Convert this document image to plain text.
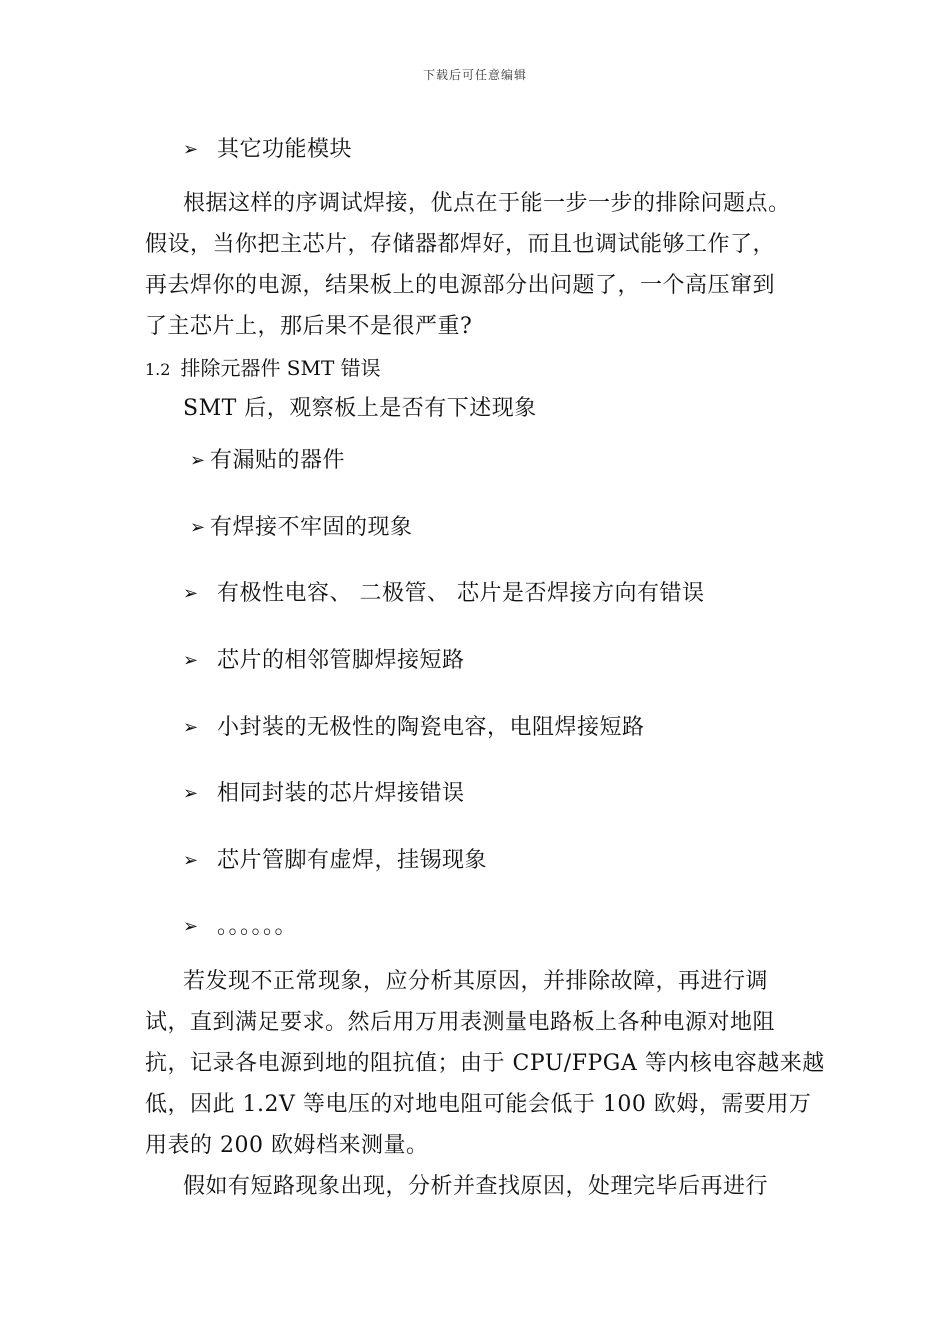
下载后可任意编辑
➢ 其它功能模块
根据这样的序调试焊接，优点在于能一步一步的排除问题点。
假设，当你把主芯片，存储器都焊好，而且也调试能够工作了，
再去焊你的电源，结果板上的电源部分出问题了，一个高压窜到
了主芯片上，那后果不是很严重?
1.2 排除元器件 SMT 错误
SMT 后，观察板上是否有下述现象
➢ 有漏贴的器件
➢ 有焊接不牢固的现象
➢ 有极性电容、 二极管、 芯片是否焊接方向有错误
➢ 芯片的相邻管脚焊接短路
➢ 小封装的无极性的陶瓷电容，电阻焊接短路
➢ 相同封装的芯片焊接错误
➢ 芯片管脚有虚焊，挂锡现象
➢ 。。。。。。
若发现不正常现象，应分析其原因，并排除故障，再进行调
试，直到满足要求。然后用万用表测量电路板上各种电源对地阻
抗，记录各电源到地的阻抗值；由于 CPU/FPGA 等内核电容越来越
低，因此 1.2V 等电压的对地电阻可能会低于 100 欧姆，需要用万
用表的 200 欧姆档来测量。
假如有短路现象出现，分析并查找原因，处理完毕后再进行
